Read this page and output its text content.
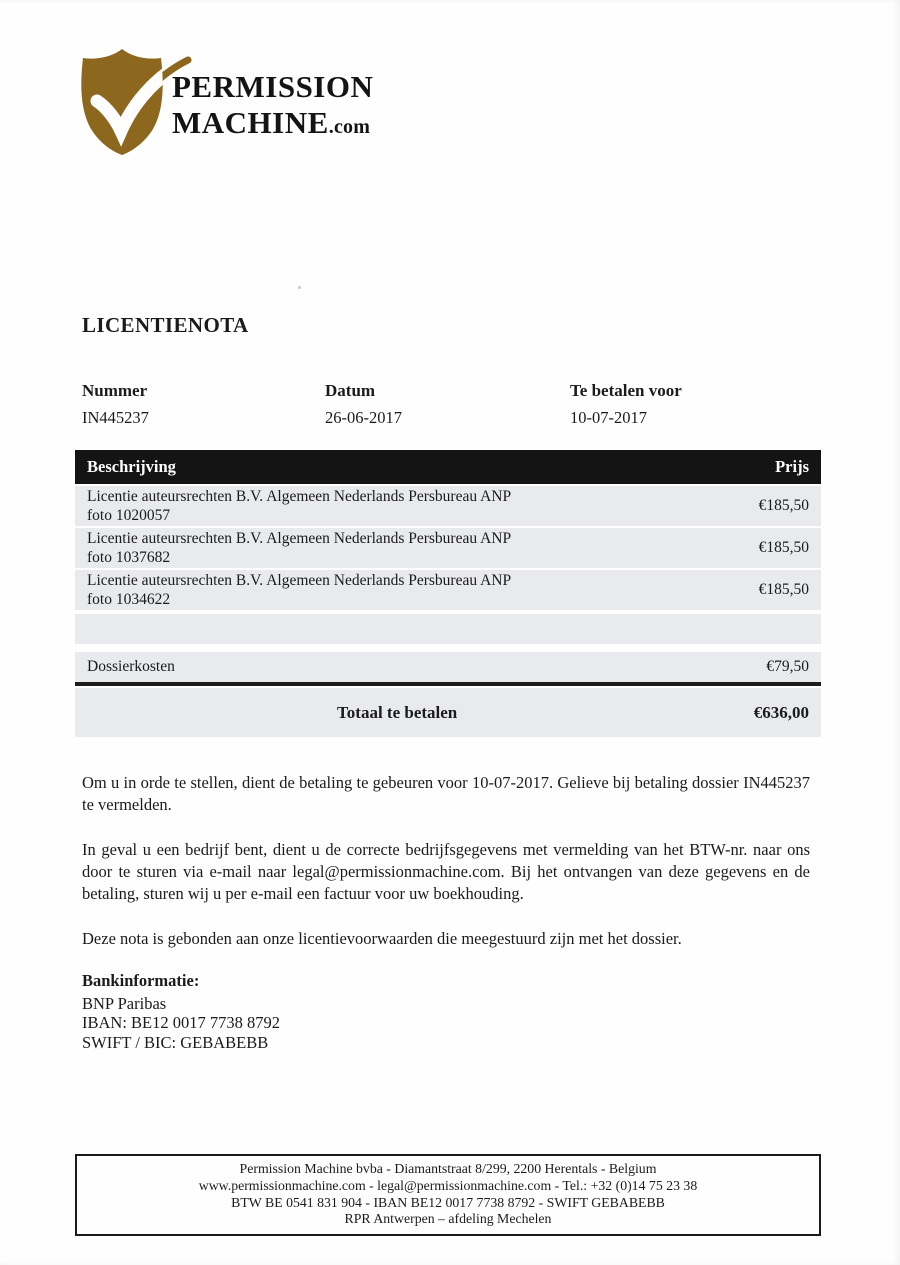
PERMISSION
MACHINE.com
LICENTIENOTA
Nummer
IN445237
Datum
26-06-2017
Te betalen voor
10-07-2017
Beschrijving	Prijs
Licentie auteursrechten B.V. Algemeen Nederlands Persbureau ANP foto 1020057
€185,50
Licentie auteursrechten B.V. Algemeen Nederlands Persbureau ANP foto 1037682
€185,50
Licentie auteursrechten B.V. Algemeen Nederlands Persbureau ANP foto 1034622
€185,50
Dossierkosten	€79,50
Totaal te betalen	€636,00

Om u in orde te stellen, dient de betaling te gebeuren voor 10-07-2017. Gelieve bij betaling dossier IN445237 te vermelden.

In geval u een bedrijf bent, dient u de correcte bedrijfsgegevens met vermelding van het BTW-nr. naar ons door te sturen via e-mail naar legal@permissionmachine.com. Bij het ontvangen van deze gegevens en de betaling, sturen wij u per e-mail een factuur voor uw boekhouding.

Deze nota is gebonden aan onze licentievoorwaarden die meegestuurd zijn met het dossier.

Bankinformatie:
BNP Paribas
IBAN: BE12 0017 7738 8792
SWIFT / BIC: GEBABEBB
Permission Machine bvba - Diamantstraat 8/299, 2200 Herentals - Belgium
www.permissionmachine.com - legal@permissionmachine.com - Tel.: +32 (0)14 75 23 38
BTW BE 0541 831 904 - IBAN BE12 0017 7738 8792 - SWIFT GEBABEBB
RPR Antwerpen – afdeling Mechelen
